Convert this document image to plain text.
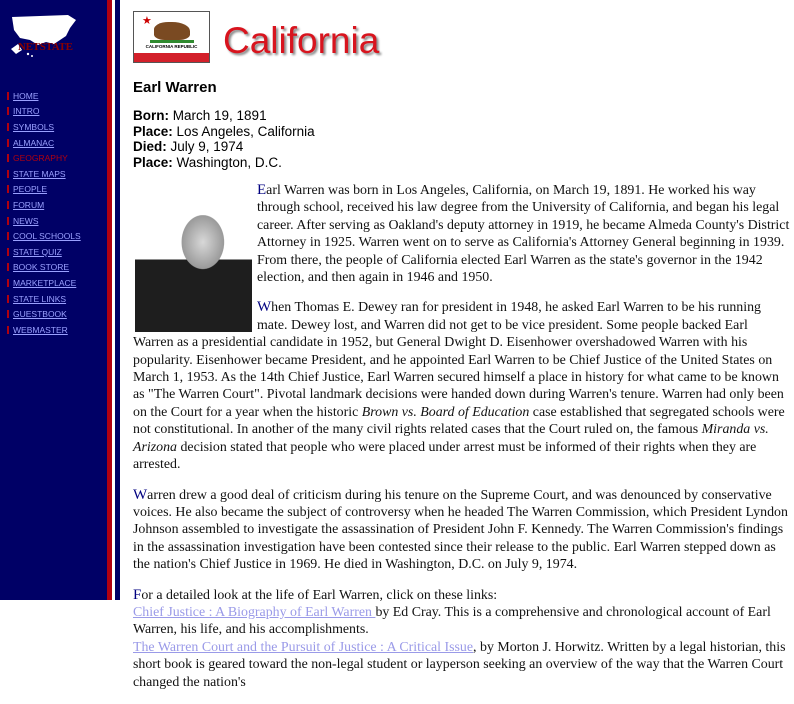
NETSTATE
HOME
INTRO
SYMBOLS
ALMANAC
GEOGRAPHY
STATE MAPS
PEOPLE
FORUM
NEWS
COOL SCHOOLS
STATE QUIZ
BOOK STORE
MARKETPLACE
STATE LINKS
GUESTBOOK
WEBMASTER
★
CALIFORNIA REPUBLIC California
Earl Warren
Born: March 19, 1891
Place: Los Angeles, California
Died: July 9, 1974
Place: Washington, D.C.

Earl Warren was born in Los Angeles, California, on March 19, 1891. He worked his way through school, received his law degree from the University of California, and began his legal career. After serving as Oakland's deputy attorney in 1919, he became Almeda County's District Attorney in 1925. Warren went on to serve as California's Attorney General beginning in 1939. From there, the people of California elected Earl Warren as the state's governor in the 1942 election, and then again in 1946 and 1950.

When Thomas E. Dewey ran for president in 1948, he asked Earl Warren to be his running mate. Dewey lost, and Warren did not get to be vice president. Some people backed Earl Warren as a presidential candidate in 1952, but General Dwight D. Eisenhower overshadowed Warren with his popularity. Eisenhower became President, and he appointed Earl Warren to be Chief Justice of the United States on March 1, 1953. As the 14th Chief Justice, Earl Warren secured himself a place in history for what came to be known as "The Warren Court". Pivotal landmark decisions were handed down during Warren's tenure. Warren had only been on the Court for a year when the historic Brown vs. Board of Education case established that segregated schools were not constitutional. In another of the many civil rights related cases that the Court ruled on, the famous Miranda vs. Arizona decision stated that people who were placed under arrest must be informed of their rights when they are arrested.

Warren drew a good deal of criticism during his tenure on the Supreme Court, and was denounced by conservative voices. He also became the subject of controversy when he headed The Warren Commission, which President Lyndon Johnson assembled to investigate the assassination of President John F. Kennedy. The Warren Commission's findings in the assassination investigation have been contested since their release to the public. Earl Warren stepped down as the nation's Chief Justice in 1969. He died in Washington, D.C. on July 9, 1974.

For a detailed look at the life of Earl Warren, click on these links:
Chief Justice : A Biography of Earl Warren by Ed Cray. This is a comprehensive and chronological account of Earl Warren, his life, and his accomplishments.
The Warren Court and the Pursuit of Justice : A Critical Issue, by Morton J. Horwitz. Written by a legal historian, this short book is geared toward the non-legal student or layperson seeking an overview of the way that the Warren Court changed the nation's
